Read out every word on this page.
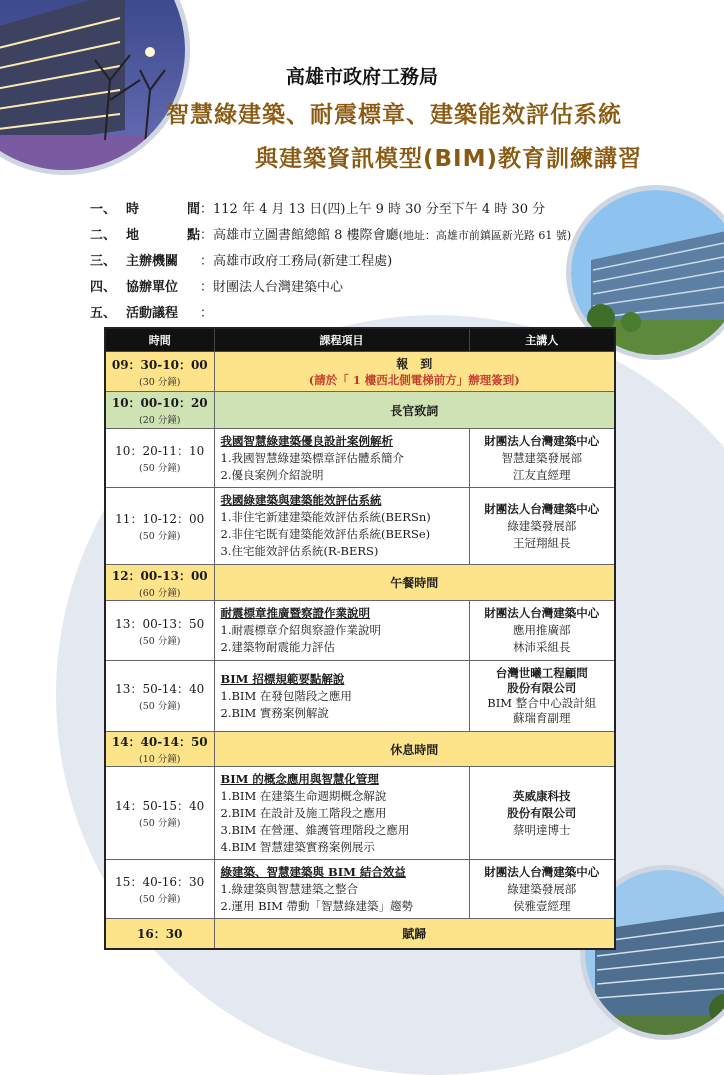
高雄市政府工務局
智慧綠建築、耐震標章、建築能效評估系統
與建築資訊模型(BIM)教育訓練講習
一、 時	間 ： 112 年 4 月 13 日(四)上午 9 時 30 分至下午 4 時 30 分
二、 地	點 ： 高雄市立圖書館總館 8 樓際會廳 (地址：高雄市前鎮區新光路 61 號)
三、 主辦機關	： 高雄市政府工務局(新建工程處)
四、 協辦單位	： 財團法人台灣建築中心
五、 活動議程	：
時間	課程項目	主講人

09：30-10：00
(30 分鐘)	報　到
(請於「 1 樓西北側電梯前方」辦理簽到)	

10：00-10：20
(20 分鐘)	長官致詞	

10：20-11：10
(50 分鐘)	我國智慧綠建築優良設計案例解析
1.我國智慧綠建築標章評估體系簡介
2.優良案例介紹說明	財團法人台灣建築中心
智慧建築發展部
江友直經理

11：10-12：00
(50 分鐘)	我國綠建築與建築能效評估系統
1.非住宅新建建築能效評估系統(BERSn)
2.非住宅既有建築能效評估系統(BERSe)
3.住宅能效評估系統(R-BERS)	財團法人台灣建築中心
綠建築發展部
王冠翔組長

12：00-13：00
(60 分鐘)	午餐時間	

13：00-13：50
(50 分鐘)	耐震標章推廣暨察證作業說明
1.耐震標章介紹與察證作業說明
2.建築物耐震能力評估	財團法人台灣建築中心
應用推廣部
林沛采組長

13：50-14：40
(50 分鐘)	BIM 招標規範要點解說
1.BIM 在發包階段之應用
2.BIM 實務案例解說	台灣世曦工程顧問
股份有限公司
BIM 整合中心設計組
蘇瑞育副理

14：40-14：50
(10 分鐘)	休息時間	

14：50-15：40
(50 分鐘)	BIM 的概念應用與智慧化管理
1.BIM 在建築生命週期概念解說
2.BIM 在設計及施工階段之應用
3.BIM 在營運、維護管理階段之應用
4.BIM 智慧建築實務案例展示	英威康科技
股份有限公司
蔡明達博士

15：40-16：30
(50 分鐘)	綠建築、智慧建築與 BIM 結合效益
1.綠建築與智慧建築之整合
2.運用 BIM 帶動「智慧綠建築」趨勢	財團法人台灣建築中心
綠建築發展部
侯雅壹經理

16：30	賦歸	
